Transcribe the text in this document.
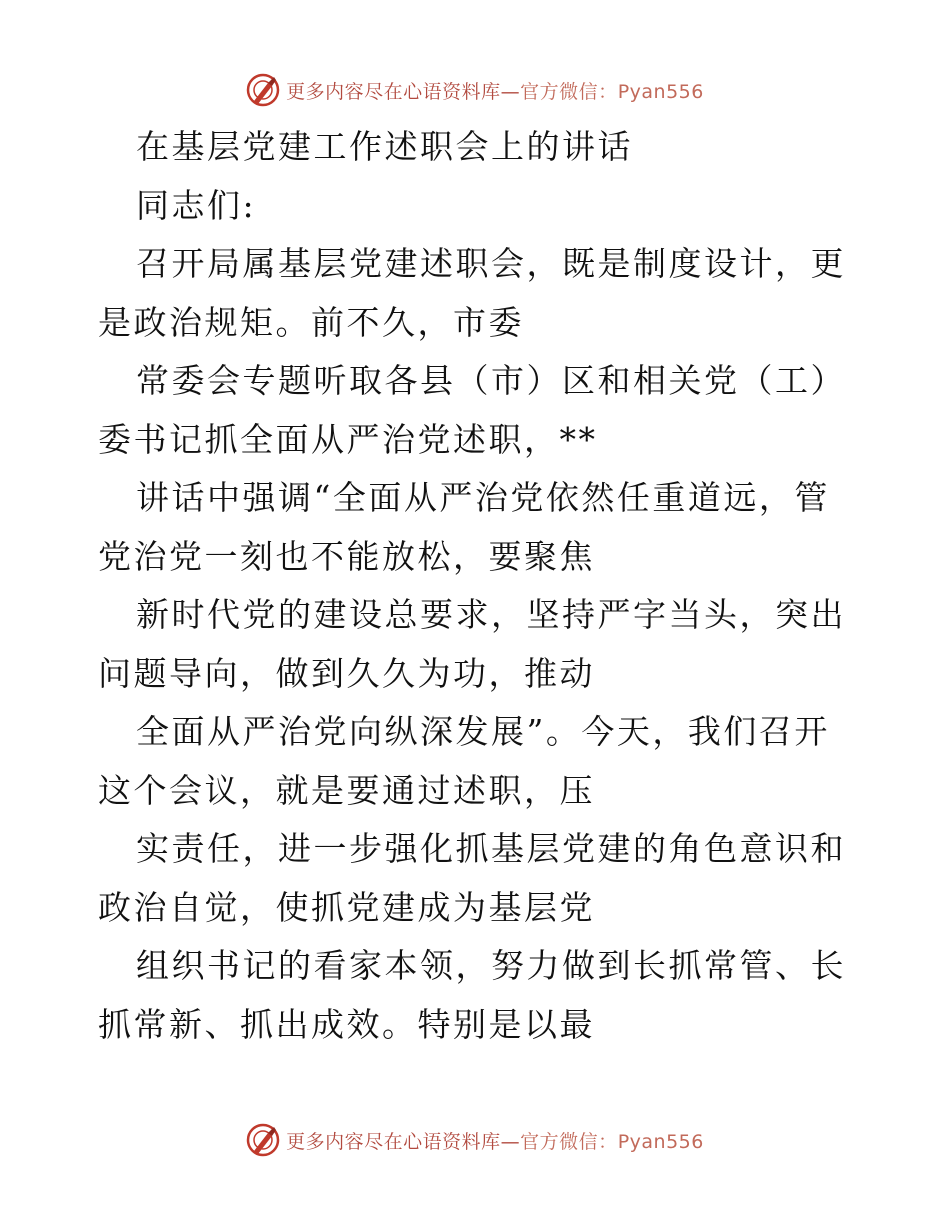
更多内容尽在心语资料库—官方微信：Pyan556

在基层党建工作述职会上的讲话

同志们:

召开局属基层党建述职会，既是制度设计，更是政治规矩。前不久，市委

常委会专题听取各县（市）区和相关党（工）委书记抓全面从严治党述职，**

讲话中强调“全面从严治党依然任重道远，管党治党一刻也不能放松，要聚焦

新时代党的建设总要求，坚持严字当头，突出问题导向，做到久久为功，推动

全面从严治党向纵深发展”。今天，我们召开这个会议，就是要通过述职，压

实责任，进一步强化抓基层党建的角色意识和政治自觉，使抓党建成为基层党

组织书记的看家本领，努力做到长抓常管、长抓常新、抓出成效。特别是以最

更多内容尽在心语资料库—官方微信：Pyan556
